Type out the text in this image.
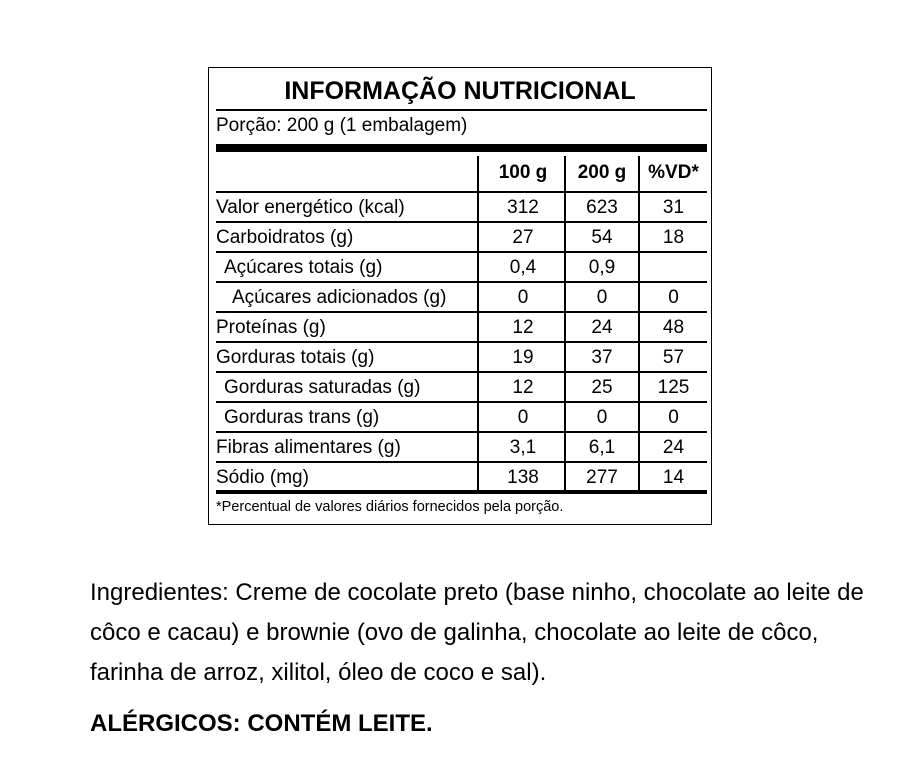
INFORMAÇÃO NUTRICIONAL
Porção: 200 g (1 embalagem)
100 g	200 g	%VD*
Valor energético (kcal)	312	623	31
Carboidratos (g)	27	54	18
Açúcares totais (g)	0,4	0,9
Açúcares adicionados (g)	0	0	0
Proteínas (g)	12	24	48
Gorduras totais (g)	19	37	57
Gorduras saturadas (g)	12	25	125
Gorduras trans (g)	0	0	0
Fibras alimentares (g)	3,1	6,1	24
Sódio (mg)	138	277	14
*Percentual de valores diários fornecidos pela porção.
Ingredientes: Creme de cocolate preto (base ninho, chocolate ao leite de côco e cacau) e brownie (ovo de galinha, chocolate ao leite de côco, farinha de arroz, xilitol, óleo de coco e sal).
ALÉRGICOS: CONTÉM LEITE.
